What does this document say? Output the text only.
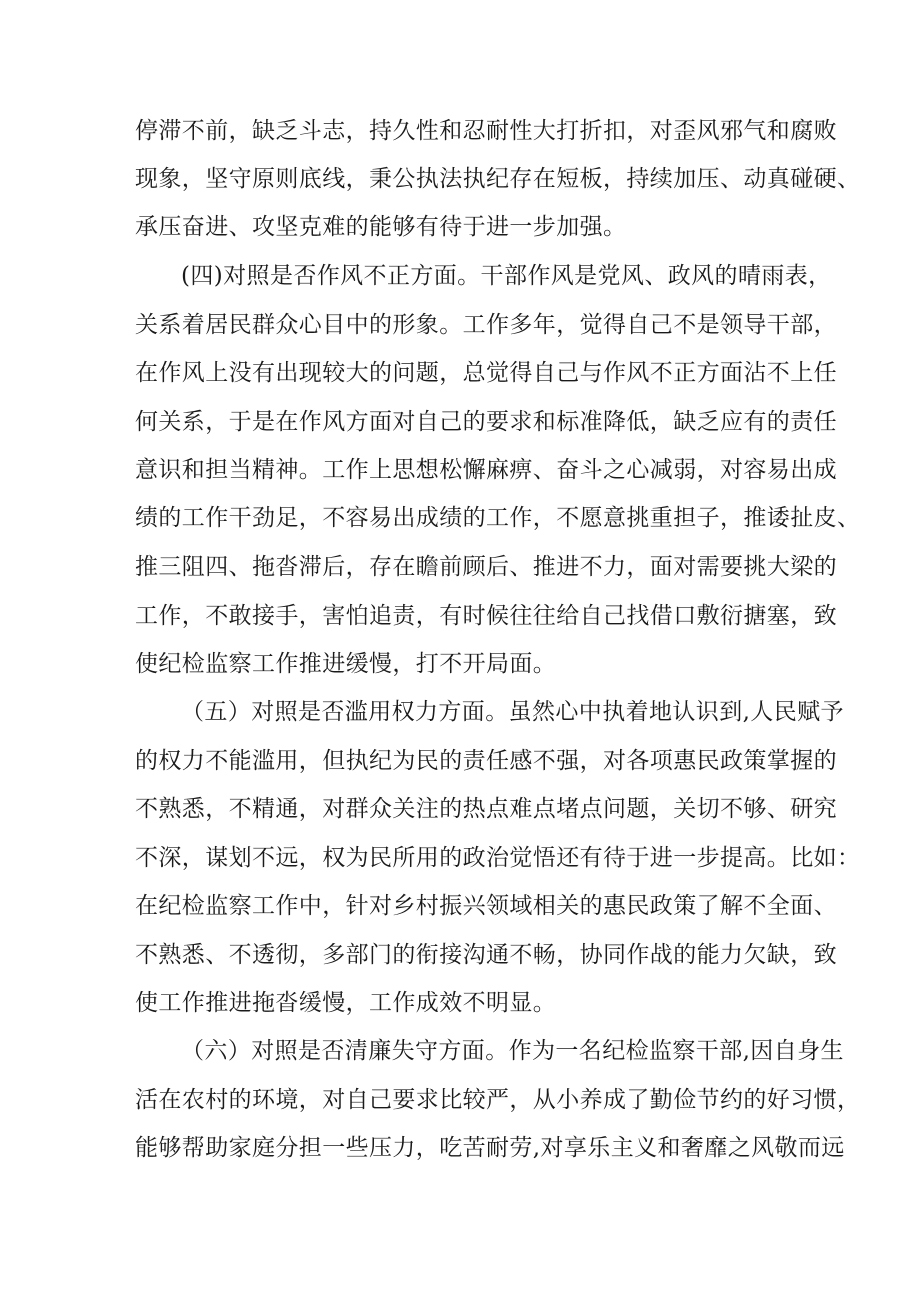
停滞不前，缺乏斗志，持久性和忍耐性大打折扣，对歪风邪气和腐败

现象，坚守原则底线，秉公执法执纪存在短板，持续加压、动真碰硬、

承压奋进、攻坚克难的能够有待于进一步加强。

(四)对照是否作风不正方面。干部作风是党风、政风的晴雨表，

关系着居民群众心目中的形象。工作多年，觉得自己不是领导干部，

在作风上没有出现较大的问题，总觉得自己与作风不正方面沾不上任

何关系，于是在作风方面对自己的要求和标准降低，缺乏应有的责任

意识和担当精神。工作上思想松懈麻痹、奋斗之心减弱，对容易出成

绩的工作干劲足，不容易出成绩的工作，不愿意挑重担子，推诿扯皮、

推三阻四、拖沓滞后，存在瞻前顾后、推进不力，面对需要挑大梁的

工作，不敢接手，害怕追责，有时候往往给自己找借口敷衍搪塞，致

使纪检监察工作推进缓慢，打不开局面。

（五）对照是否滥用权力方面。虽然心中执着地认识到,人民赋予

的权力不能滥用，但执纪为民的责任感不强，对各项惠民政策掌握的

不熟悉，不精通，对群众关注的热点难点堵点问题，关切不够、研究

不深，谋划不远，权为民所用的政治觉悟还有待于进一步提高。比如：

在纪检监察工作中，针对乡村振兴领域相关的惠民政策了解不全面、

不熟悉、不透彻，多部门的衔接沟通不畅，协同作战的能力欠缺，致

使工作推进拖沓缓慢，工作成效不明显。

（六）对照是否清廉失守方面。作为一名纪检监察干部,因自身生

活在农村的环境，对自己要求比较严，从小养成了勤俭节约的好习惯，

能够帮助家庭分担一些压力，吃苦耐劳,对享乐主义和奢靡之风敬而远
